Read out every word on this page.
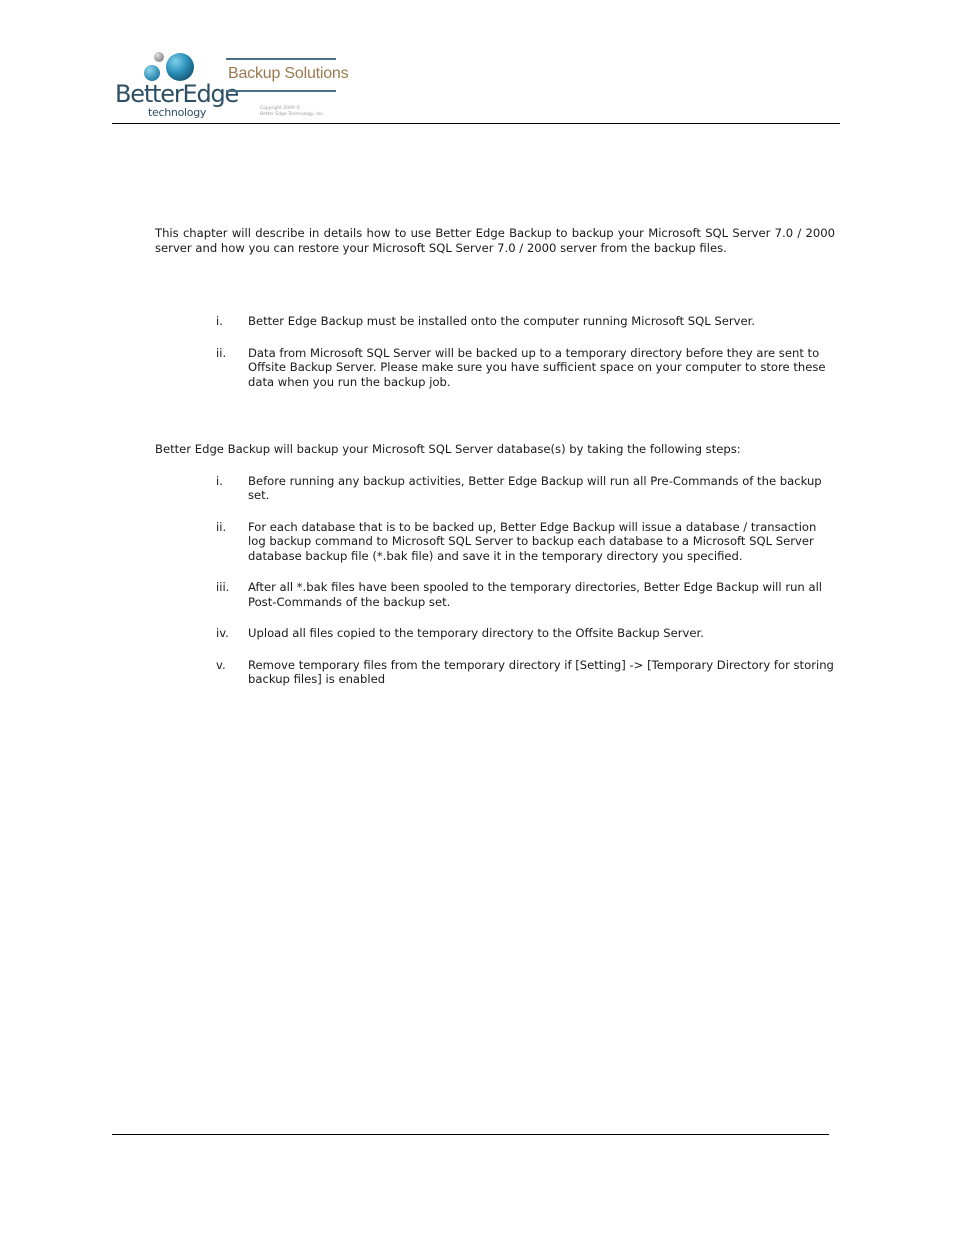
BetterEdge
technology
Backup Solutions
Copyright 2009 ©
Better Edge Technology, Inc.

This chapter will describe in details how to use Better Edge Backup to backup your Microsoft SQL Server 7.0 / 2000 server and how you can restore your Microsoft SQL Server 7.0 / 2000 server from the backup files.

i. Better Edge Backup must be installed onto the computer running Microsoft SQL Server.
ii. Data from Microsoft SQL Server will be backed up to a temporary directory before they are sent to Offsite Backup Server. Please make sure you have sufficient space on your computer to store these data when you run the backup job.

Better Edge Backup will backup your Microsoft SQL Server database(s) by taking the following steps:

i. Before running any backup activities, Better Edge Backup will run all Pre-Commands of the backup set.
ii. For each database that is to be backed up, Better Edge Backup will issue a database / transaction log backup command to Microsoft SQL Server to backup each database to a Microsoft SQL Server database backup file (*.bak file) and save it in the temporary directory you specified.
iii. After all *.bak files have been spooled to the temporary directories, Better Edge Backup will run all Post-Commands of the backup set.
iv. Upload all files copied to the temporary directory to the Offsite Backup Server.
v. Remove temporary files from the temporary directory if [Setting] -> [Temporary Directory for storing backup files] is enabled
